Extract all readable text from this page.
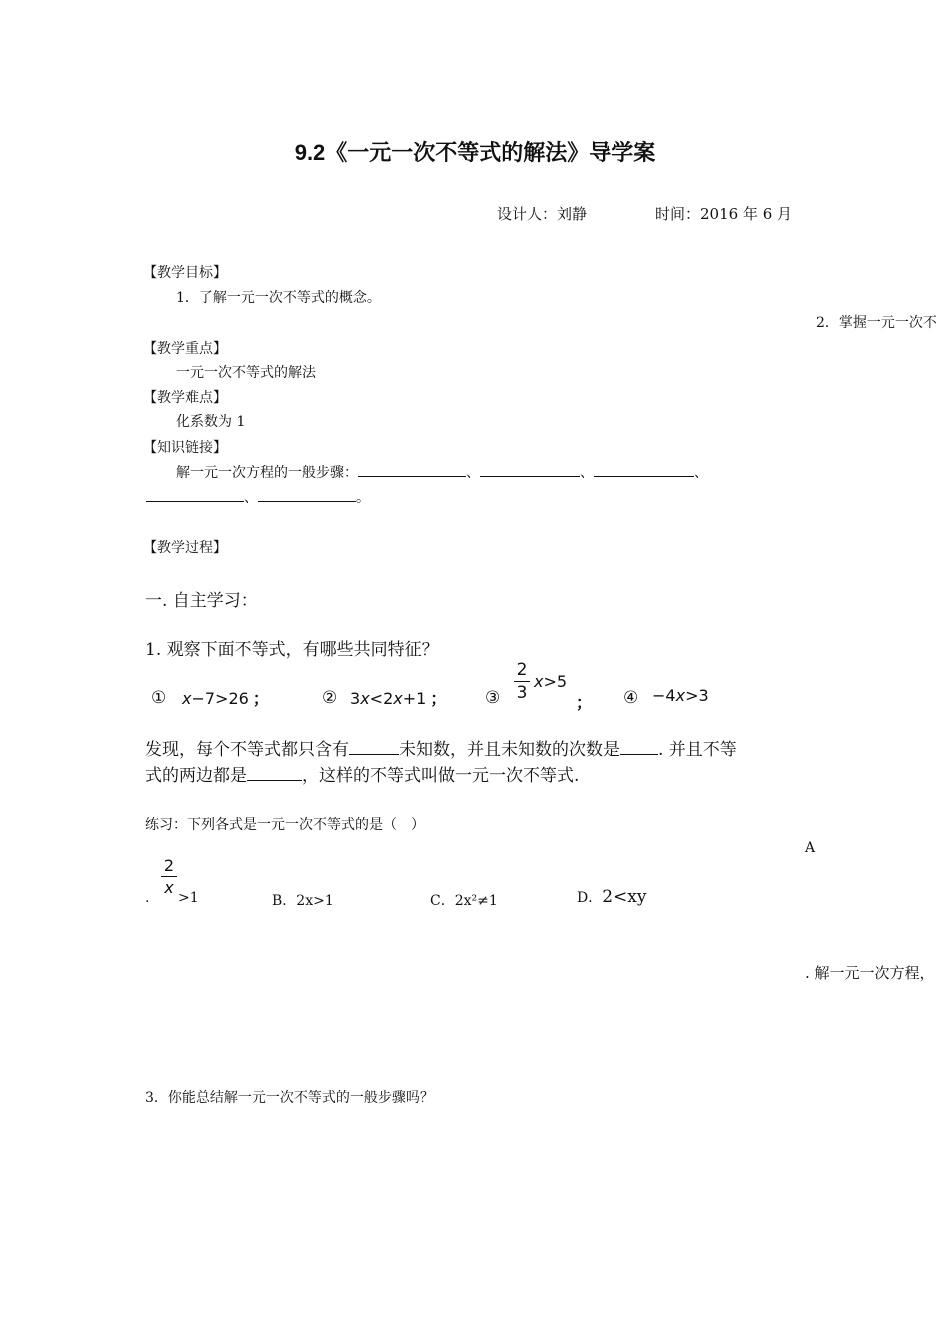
9.2《一元一次不等式的解法》导学案
设计人：刘静	时间：2016 年 6 月
【教学目标】
1．了解一元一次不等式的概念。
2．掌握一元一次不
【教学重点】
一元一次不等式的解法
【教学难点】
化系数为 1
【知识链接】
解一元一次方程的一般步骤：	、	、	、
、	。
【教学过程】
一. 自主学习：
1. 观察下面不等式，有哪些共同特征？
① x−7>26 ；	② 3x<2x+1 ； ③
2
3
x>5
； ④ −4x>3
发现，每个不等式都只含有	未知数，并且未知数的次数是 . 并且不等
式的两边都是	，这样的不等式叫做一元一次不等式.
练习：下列各式是一元一次不等式的是（　）
A
.
2
x
>1	B．2x>1	C．2x²≠1	D．2<xy
. 解一元一次方程，
3．你能总结解一元一次不等式的一般步骤吗？
